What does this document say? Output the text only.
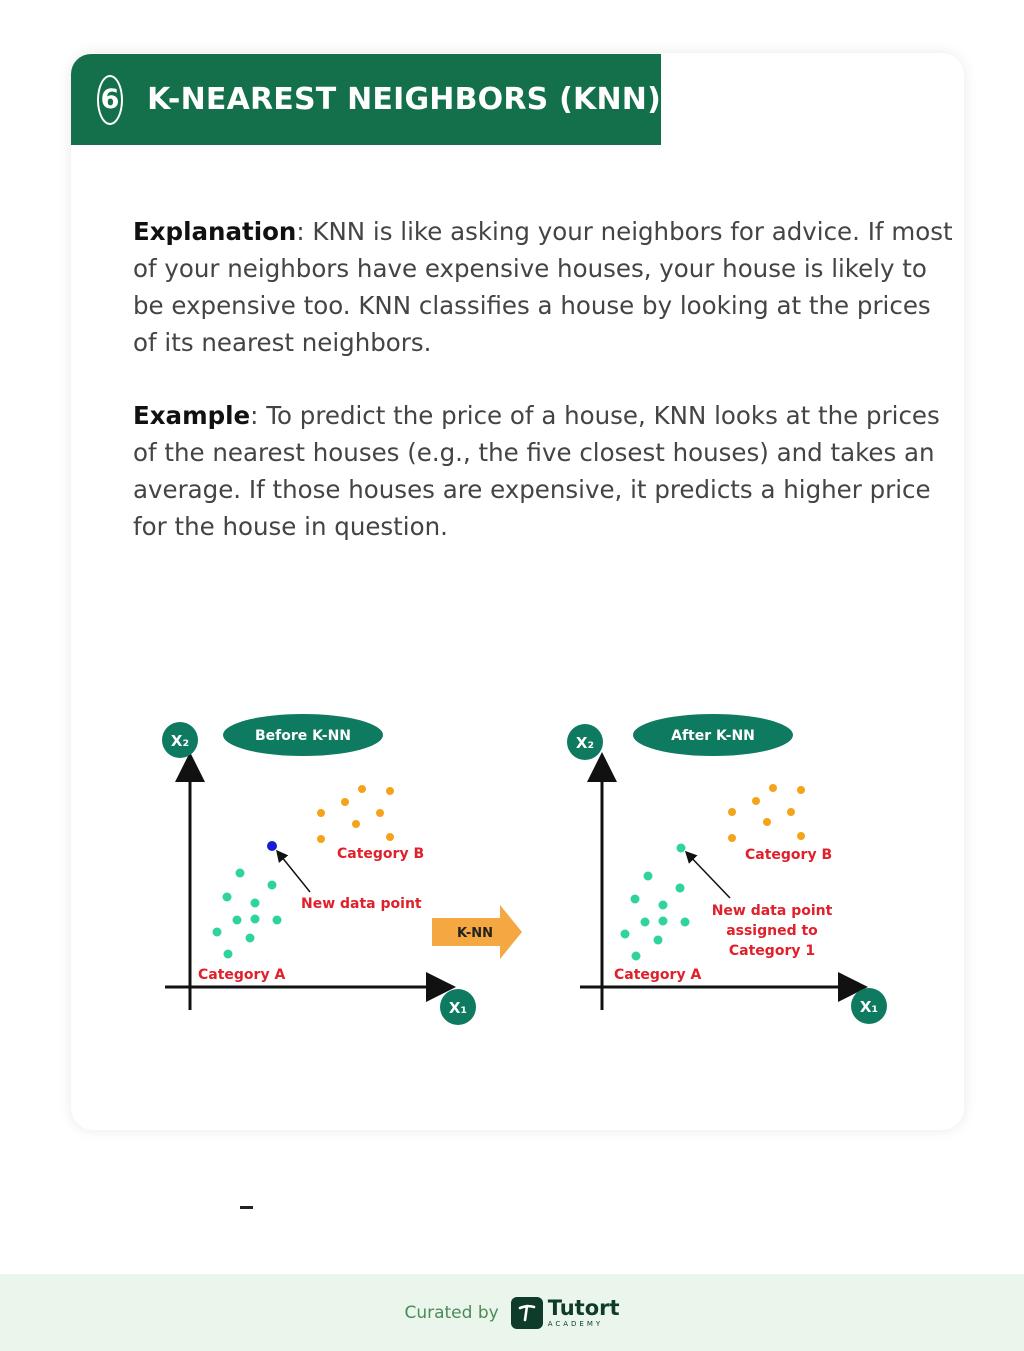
6 K-NEAREST NEIGHBORS (KNN)

Explanation: KNN is like asking your neighbors for advice. If most of your neighbors have expensive houses, your house is likely to be expensive too. KNN classifies a house by looking at the prices of its nearest neighbors.

Example: To predict the price of a house, KNN looks at the prices of the nearest houses (e.g., the five closest houses) and takes an average. If those houses are expensive, it predicts a higher price for the house in question.

X₂
X₁
Before K-NN
New data point
Category B
Category A
K-NN
X₂
X₁
After K-NN
New data point
assigned to
Category 1
Category B
Category A
Curated by Tutort
ACADEMY
